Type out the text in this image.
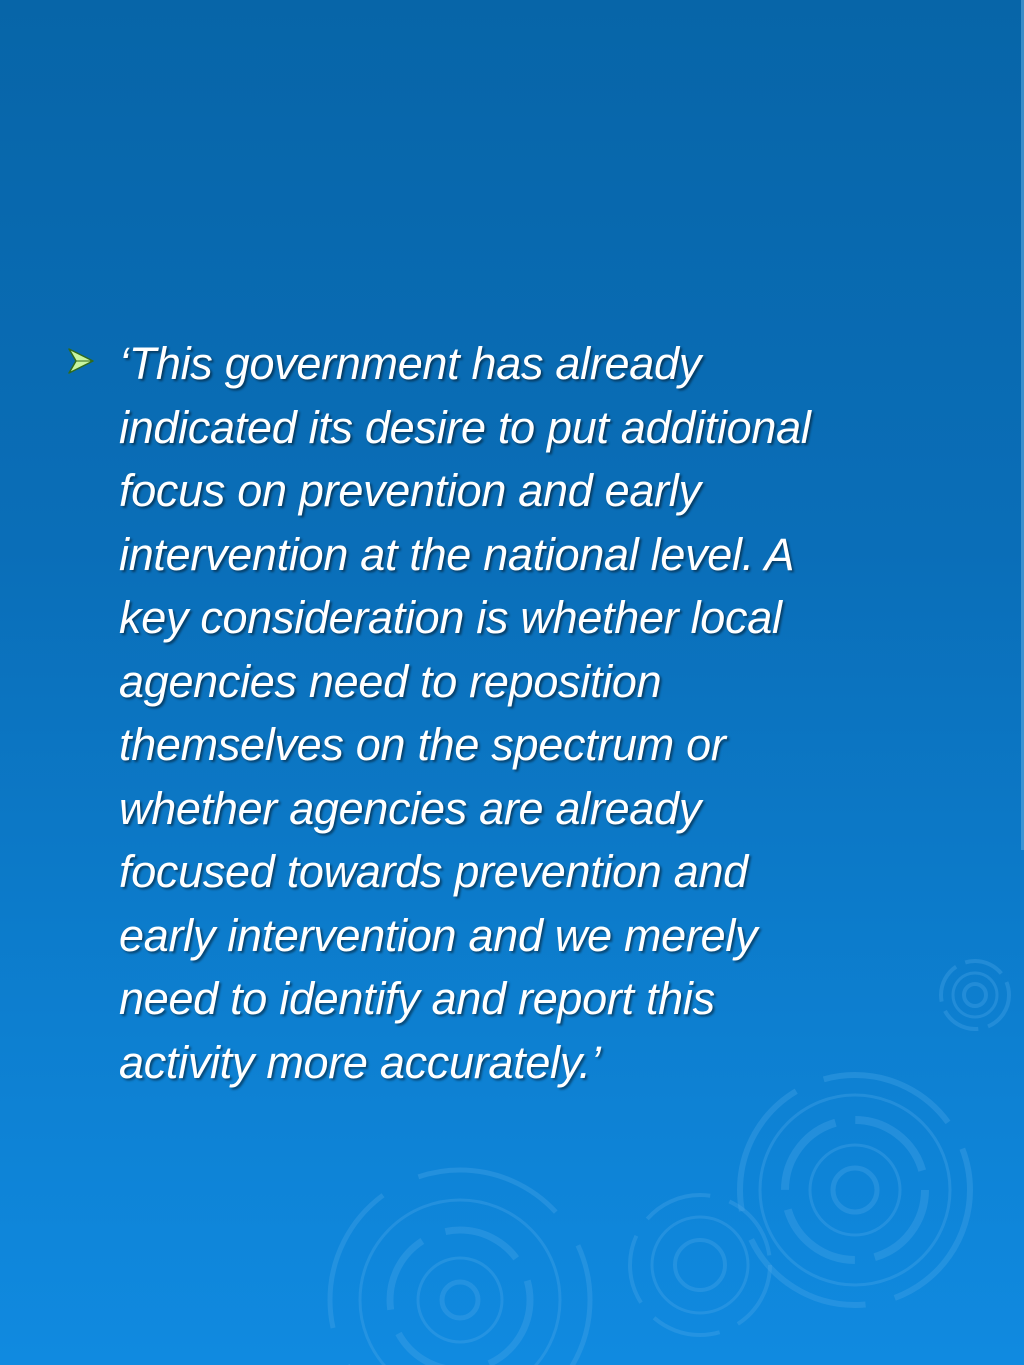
‘This government has already
indicated its desire to put additional
focus on prevention and early
intervention at the national level. A
key consideration is whether local
agencies need to reposition
themselves on the spectrum or
whether agencies are already
focused towards prevention and
early intervention and we merely
need to identify and report this
activity more accurately.’
